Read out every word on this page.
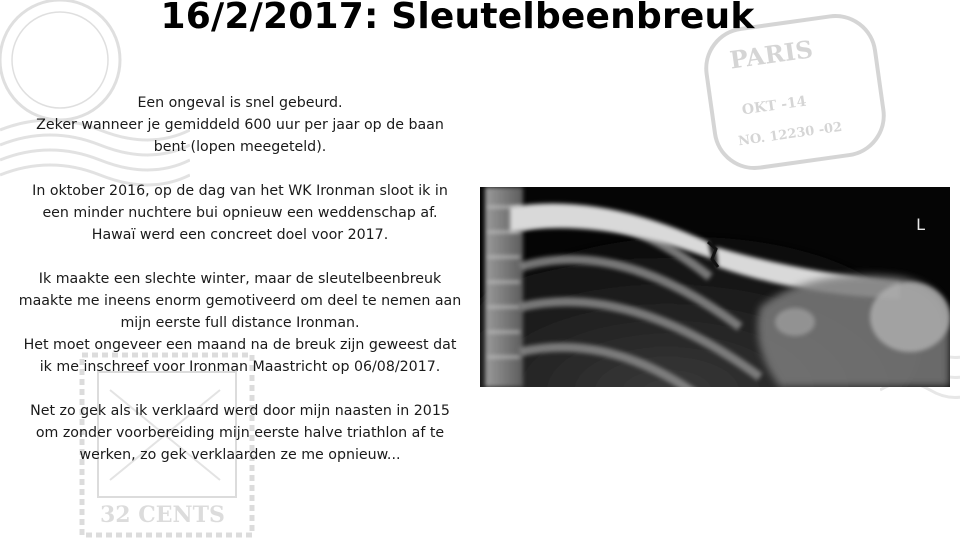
PARIS
OKT -14
NO. 12230 -02
32 CENTS
16/2/2017: Sleutelbeenbreuk

Een ongeval is snel gebeurd.
Zeker wanneer je gemiddeld 600 uur per jaar op de baan bent (lopen meegeteld).

In oktober 2016, op de dag van het WK Ironman sloot ik in een minder nuchtere bui opnieuw een weddenschap af.
Hawaï werd een concreet doel voor 2017.

Ik maakte een slechte winter, maar de sleutelbeenbreuk maakte me ineens enorm gemotiveerd om deel te nemen aan mijn eerste full distance Ironman.
Het moet ongeveer een maand na de breuk zijn geweest dat ik me inschreef voor Ironman Maastricht op 06/08/2017.

Net zo gek als ik verklaard werd door mijn naasten in 2015 om zonder voorbereiding mijn eerste halve triathlon af te werken, zo gek verklaarden ze me opnieuw...

L
